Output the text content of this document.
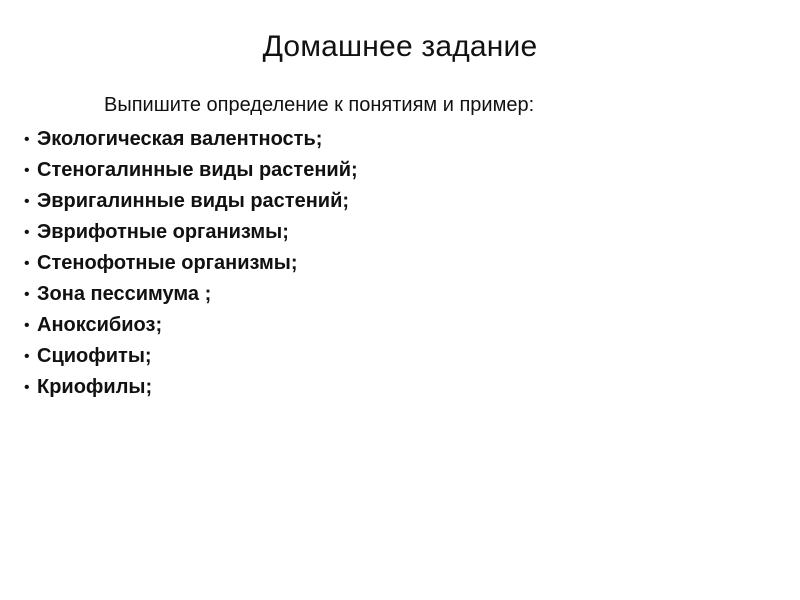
Домашнее задание

Выпишите определение к понятиям и пример:

• Экологическая валентность;
• Стеногалинные виды растений;
• Эвригалинные виды растений;
• Эврифотные организмы;
• Стенофотные организмы;
• Зона пессимума ;
• Аноксибиоз;
• Сциофиты;
• Криофилы;
